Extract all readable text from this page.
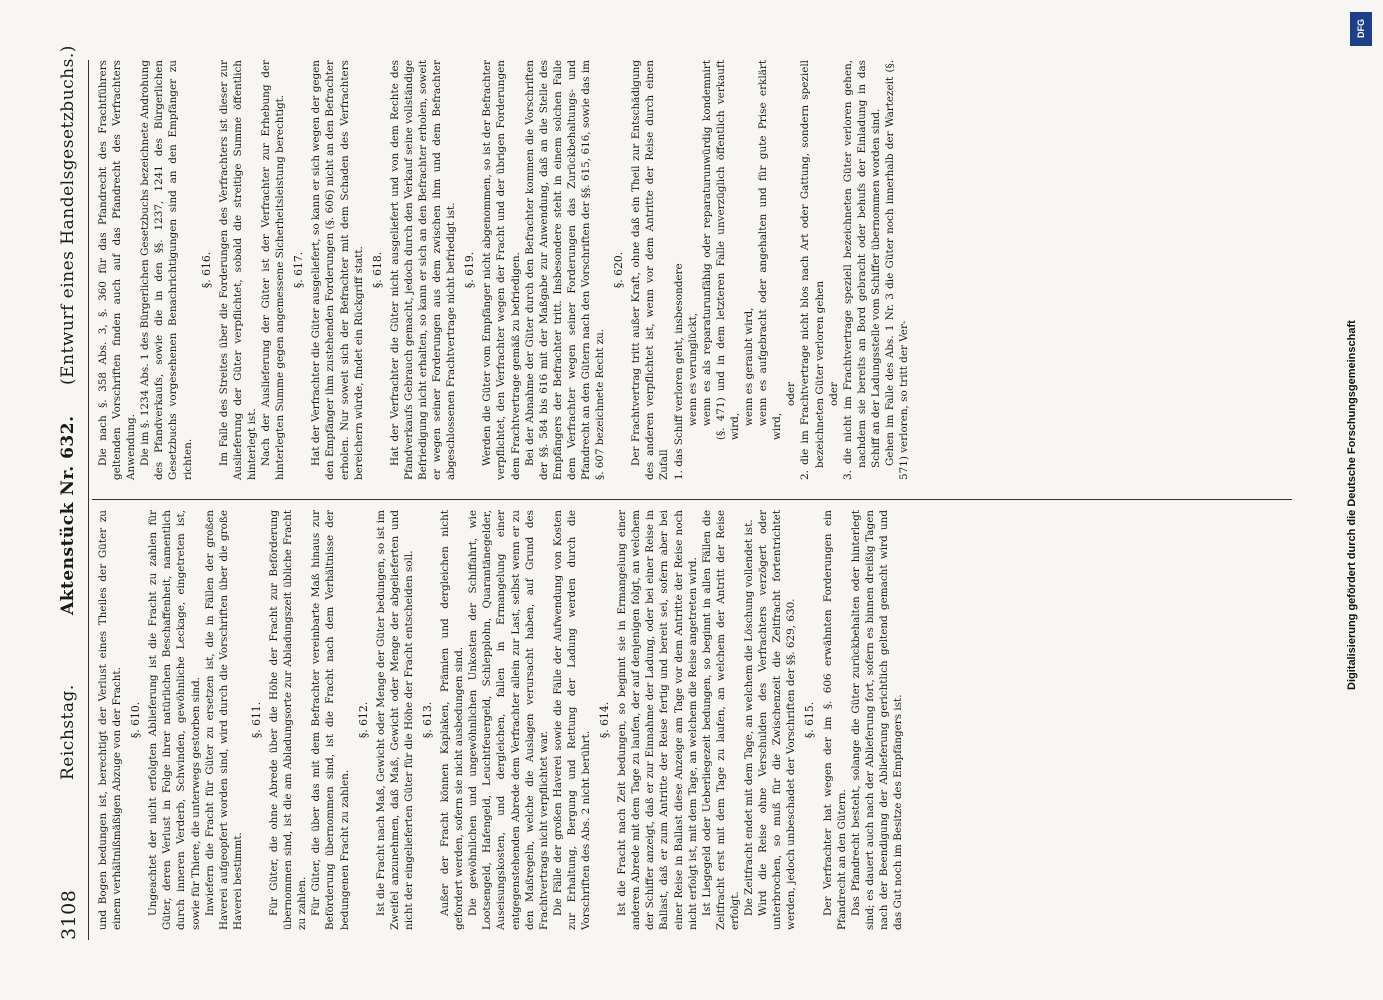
3108
Reichstag.
Aktenstück Nr. 632.
(Entwurf eines Handelsgesetzbuchs.)

und Bogen bedungen ist, berechtigt der Verlust eines Theiles der Güter zu einem verhältnißmäßigen Abzuge von der Fracht. §. 610. Ungeachtet der nicht erfolgten Ablieferung ist die Fracht zu zahlen für Güter, deren Verlust in Folge ihrer natürlichen Beschaffenheit, namentlich durch inneren Verderb, Schwinden, gewöhnliche Leckage, eingetreten ist, sowie für Thiere, die unterwegs gestorben sind. Inwiefern die Fracht für Güter zu ersetzen ist, die in Fällen der großen Haverei aufgeopfert worden sind, wird durch die Vorschriften über die große Haverei bestimmt.

§. 611. Für Güter, die ohne Abrede über die Höhe der Fracht zur Beförderung übernommen sind, ist die am Abladungsorte zur Abladungszeit übliche Fracht zu zahlen. Für Güter, die über das mit dem Befrachter vereinbarte Maß hinaus zur Beförderung übernommen sind, ist die Fracht nach dem Verhältnisse der bedungenen Fracht zu zahlen.

§. 612. Ist die Fracht nach Maß, Gewicht oder Menge der Güter bedungen, so ist im Zweifel anzunehmen, daß Maß, Gewicht oder Menge der abgelieferten und nicht der eingelieferten Güter für die Höhe der Fracht entscheiden soll. §. 613. Außer der Fracht können Kaplaken, Prämien und dergleichen nicht gefordert werden, sofern sie nicht ausbedungen sind. Die gewöhnlichen und ungewöhnlichen Unkosten der Schiffahrt, wie Lootsengeld, Hafengeld, Leuchtfeuergeld, Schlepplohn, Quarantänegelder, Auseisungskosten, und dergleichen, fallen in Ermangelung einer entgegenstehenden Abrede dem Verfrachter allein zur Last, selbst wenn er zu den Maßregeln, welche die Auslagen verursacht haben, auf Grund des Frachtvertrags nicht verpflichtet war. Die Fälle der großen Haverei sowie die Fälle der Aufwendung von Kosten zur Erhaltung, Bergung und Rettung der Ladung werden durch die Vorschriften des Abs. 2 nicht berührt.

§. 614. Ist die Fracht nach Zeit bedungen, so beginnt sie in Ermangelung einer anderen Abrede mit dem Tage zu laufen, der auf denjenigen folgt, an welchem der Schiffer anzeigt, daß er zur Einnahme der Ladung, oder bei einer Reise in Ballast, daß er zum Antritte der Reise fertig und bereit sei, sofern aber bei einer Reise in Ballast diese Anzeige am Tage vor dem Antritte der Reise noch nicht erfolgt ist, mit dem Tage, an welchem die Reise angetreten wird. Ist Liegegeld oder Ueberliegezeit bedungen, so beginnt in allen Fällen die Zeitfracht erst mit dem Tage zu laufen, an welchem der Antritt der Reise erfolgt. Die Zeitfracht endet mit dem Tage, an welchem die Löschung vollendet ist. Wird die Reise ohne Verschulden des Verfrachters verzögert oder unterbrochen, so muß für die Zwischenzeit die Zeitfracht fortentrichtet werden, jedoch unbeschadet der Vorschriften der §§. 629, 630. §. 615. Der Verfrachter hat wegen der im §. 606 erwähnten Forderungen ein Pfandrecht an den Gütern. Das Pfandrecht besteht, solange die Güter zurückbehalten oder hinterlegt sind; es dauert auch nach der Ablieferung fort, sofern es binnen dreißig Tagen nach der Beendigung der Ablieferung gerichtlich geltend gemacht wird und das Gut noch im Besitze des Empfängers ist.

Die nach §. 358 Abs. 3, §. 360 für das Pfandrecht des Frachtführers geltenden Vorschriften finden auch auf das Pfandrecht des Verfrachters Anwendung. Die im §. 1234 Abs. 1 des Bürgerlichen Gesetzbuchs bezeichnete Androhung des Pfandverkaufs, sowie die in den §§. 1237, 1241 des Bürgerlichen Gesetzbuchs vorgesehenen Benachrichtigungen sind an den Empfänger zu richten.

§. 616. Im Falle des Streites über die Forderungen des Verfrachters ist dieser zur Auslieferung der Güter verpflichtet, sobald die streitige Summe öffentlich hinterlegt ist. Nach der Auslieferung der Güter ist der Verfrachter zur Erhebung der hinterlegten Summe gegen angemessene Sicherheitsleistung berechtigt. §. 617. Hat der Verfrachter die Güter ausgeliefert, so kann er sich wegen der gegen den Empfänger ihm zustehenden Forderungen (§. 606) nicht an den Befrachter erholen. Nur soweit sich der Befrachter mit dem Schaden des Verfrachters bereichern würde, findet ein Rückgriff statt. §. 618. Hat der Verfrachter die Güter nicht ausgeliefert und von dem Rechte des Pfandverkaufs Gebrauch gemacht, jedoch durch den Verkauf seine vollständige Befriedigung nicht erhalten, so kann er sich an den Befrachter erholen, soweit er wegen seiner Forderungen aus dem zwischen ihm und dem Befrachter abgeschlossenen Frachtvertrage nicht befriedigt ist. §. 619. Werden die Güter vom Empfänger nicht abgenommen, so ist der Befrachter verpflichtet, den Verfrachter wegen der Fracht und der übrigen Forderungen dem Frachtvertrage gemäß zu befriedigen. Bei der Abnahme der Güter durch den Befrachter kommen die Vorschriften der §§. 584 bis 616 mit der Maßgabe zur Anwendung, daß an die Stelle des Empfängers der Befrachter tritt. Insbesondere steht in einem solchen Falle dem Verfrachter wegen seiner Forderungen das Zurückbehaltungs- und Pfandrecht an den Gütern nach den Vorschriften der §§. 615, 616, sowie das im §. 607 bezeichnete Recht zu.

§. 620. Der Frachtvertrag tritt außer Kraft, ohne daß ein Theil zur Entschädigung des anderen verpflichtet ist, wenn vor dem Antritte der Reise durch einen Zufall 1. das Schiff verloren geht, insbesondere wenn es verunglückt, wenn es als reparaturunfähig oder reparaturunwürdig kondemnirt (§. 471) und in dem letzteren Falle unverzüglich öffentlich verkauft wird,

wenn es geraubt wird, wenn es aufgebracht oder angehalten und für gute Prise erklärt wird,

oder 2. die im Frachtvertrage nicht blos nach Art oder Gattung, sondern speziell bezeichneten Güter verloren gehen oder 3. die nicht im Frachtvertrage speziell bezeichneten Güter verloren gehen, nachdem sie bereits an Bord gebracht oder behufs der Einladung in das Schiff an der Ladungsstelle vom Schiffer übernommen worden sind. Gehen im Falle des Abs. 1 Nr. 3 die Güter noch innerhalb der Wartezeit (§. 571) verloren, so tritt der Ver-

DFG
Digitalisierung gefördert durch die Deutsche Forschungsgemeinschaft
